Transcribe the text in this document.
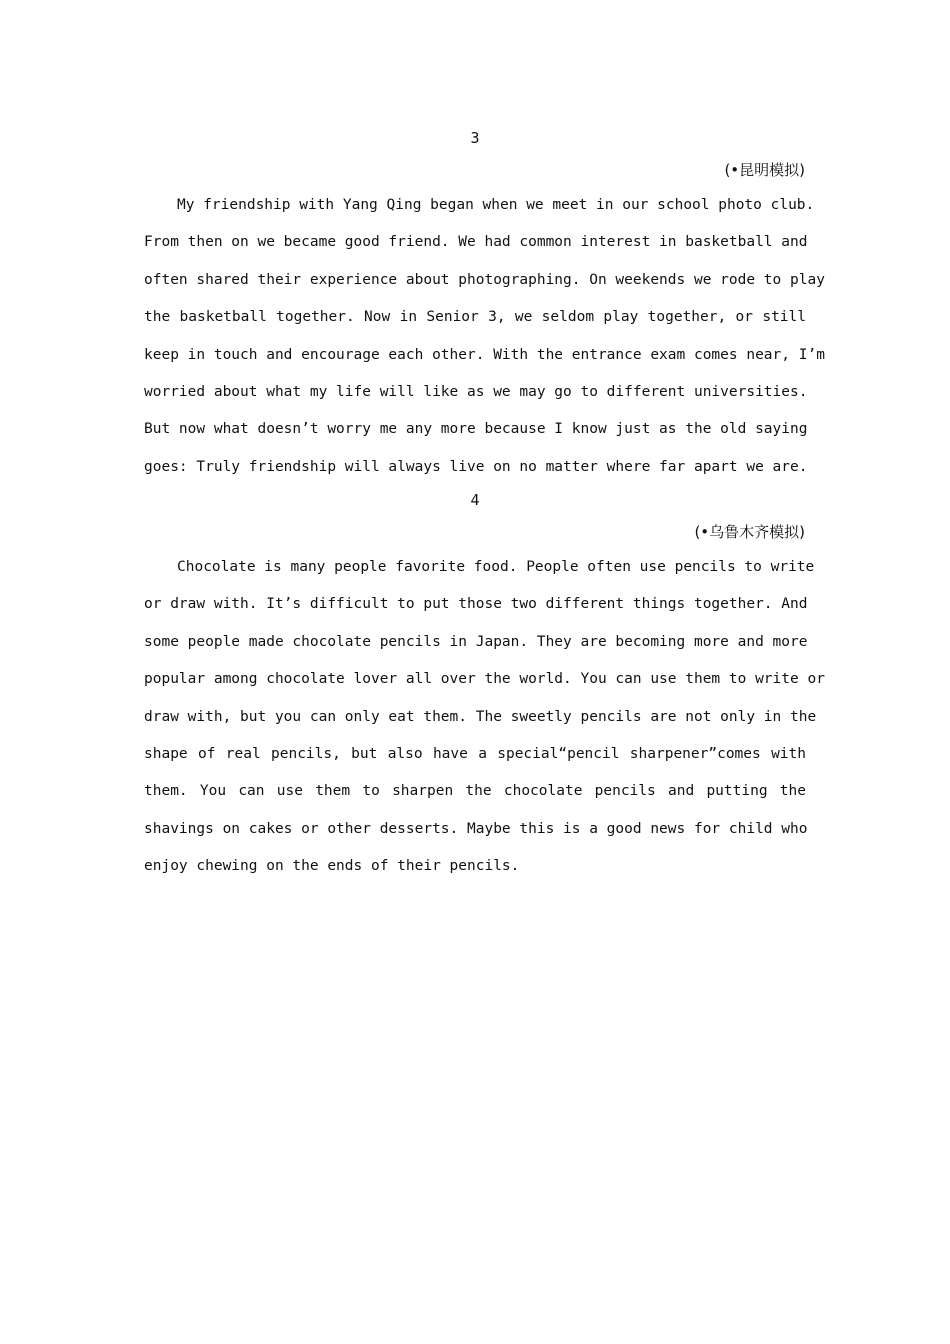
3
(•昆明模拟)
My friendship with Yang Qing began when we meet in our school photo club.
From then on we became good friend. We had common interest in basketball and
often shared their experience about photographing. On weekends we rode to play
the basketball together. Now in Senior 3, we seldom play together, or still
keep in touch and encourage each other. With the entrance exam comes near, I’m
worried about what my life will like as we may go to different universities.
But now what doesn’t worry me any more because I know just as the old saying
goes: Truly friendship will always live on no matter where far apart we are.
4
(•乌鲁木齐模拟)
Chocolate is many people favorite food. People often use pencils to write
or draw with. It’s difficult to put those two different things together. And
some people made chocolate pencils in Japan. They are becoming more and more
popular among chocolate lover all over the world. You can use them to write or
draw with, but you can only eat them. The sweetly pencils are not only in the
shape of real pencils, but also have a special“pencil sharpener”comes with
them. You can use them to sharpen the chocolate pencils and putting the
shavings on cakes or other desserts. Maybe this is a good news for child who
enjoy chewing on the ends of their pencils.
